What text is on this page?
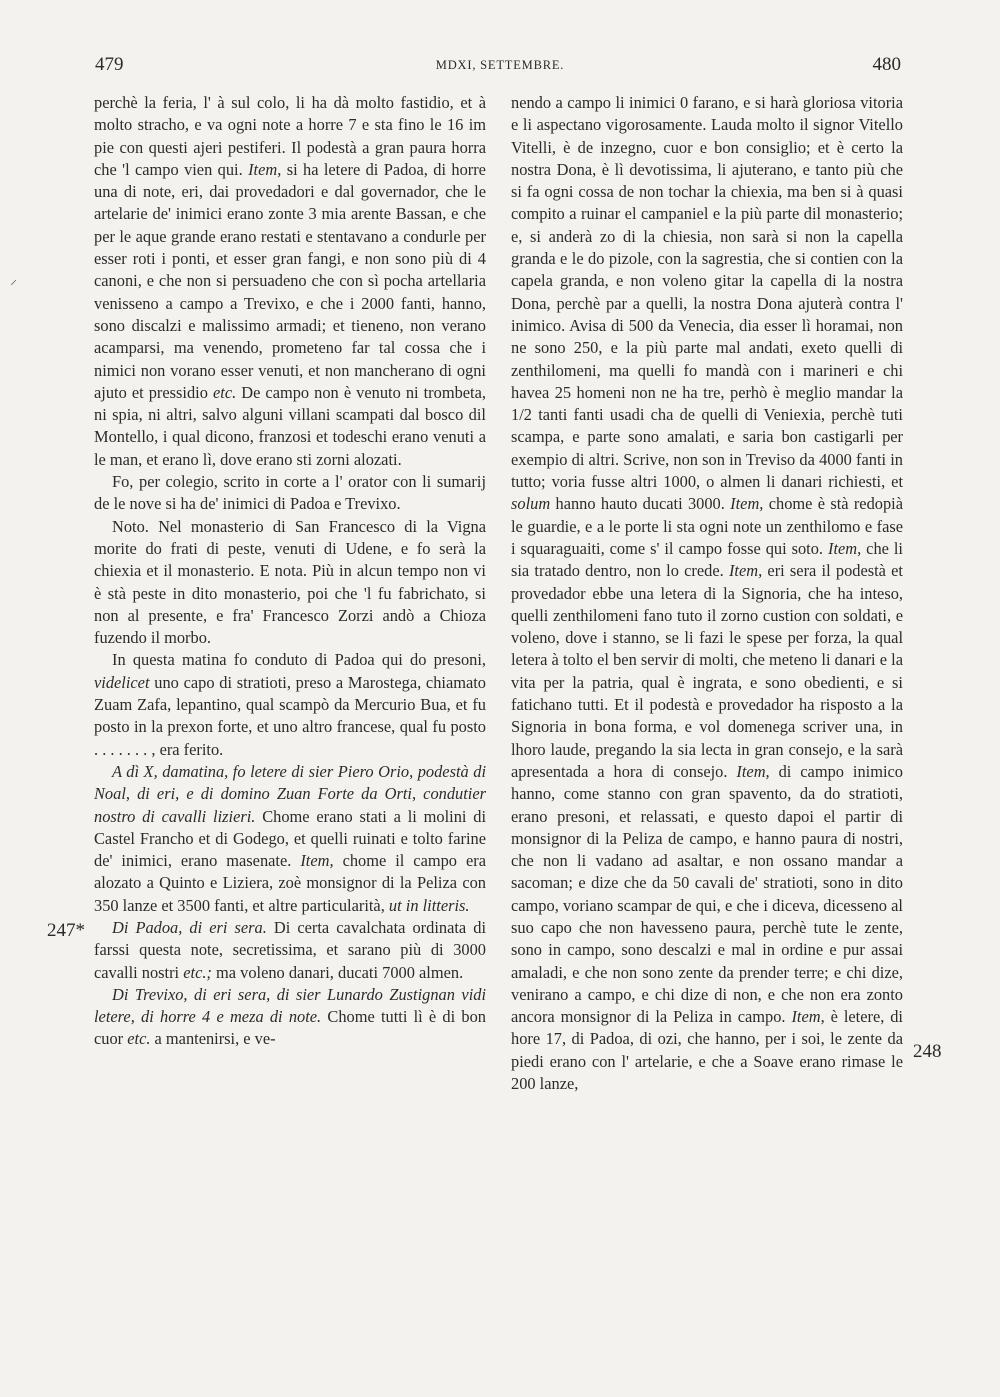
479	MDXI, SETTEMBRE.	480
⸝

perchè la feria, l' à sul colo, li ha dà molto fastidio, et à molto stracho, e va ogni note a horre 7 e sta fino le 16 im pie con questi ajeri pestiferi. Il podestà a gran paura horra che 'l campo vien qui. Item, si ha letere di Padoa, di horre una di note, eri, dai provedadori e dal governador, che le artelarie de' inimici erano zonte 3 mia arente Bassan, e che per le aque grande erano restati e stentavano a condurle per esser roti i ponti, et esser gran fangi, e non sono più di 4 canoni, e che non si persuadeno che con sì pocha artellaria venisseno a campo a Trevixo, e che i 2000 fanti, hanno, sono discalzi e malissimo armadi; et tieneno, non verano acamparsi, ma venendo, prometeno far tal cossa che i nimici non vorano esser venuti, et non mancherano di ogni ajuto et pressidio etc. De campo non è venuto ni trombeta, ni spia, ni altri, salvo alguni villani scampati dal bosco dil Montello, i qual dicono, franzosi et todeschi erano venuti a le man, et erano lì, dove erano sti zorni alozati.

Fo, per colegio, scrito in corte a l' orator con li sumarij de le nove si ha de' inimici di Padoa e Trevixo.

Noto. Nel monasterio di San Francesco di la Vigna morite do frati di peste, venuti di Udene, e fo serà la chiexia et il monasterio. E nota. Più in alcun tempo non vi è stà peste in dito monasterio, poi che 'l fu fabrichato, si non al presente, e fra' Francesco Zorzi andò a Chioza fuzendo il morbo.

In questa matina fo conduto di Padoa qui do presoni, videlicet uno capo di stratioti, preso a Marostega, chiamato Zuam Zafa, lepantino, qual scampò da Mercurio Bua, et fu posto in la prexon forte, et uno altro francese, qual fu posto . . . . . . . , era ferito.

A dì X, damatina, fo letere di sier Piero Orio, podestà di Noal, di eri, e di domino Zuan Forte da Orti, condutier nostro di cavalli lizieri. Chome erano stati a li molini di Castel Francho et di Godego, et quelli ruinati e tolto farine de' inimici, erano masenate. Item, chome il campo era alozato a Quinto e Liziera, zoè monsignor di la Peliza con 350 lanze et 3500 fanti, et altre particularità, ut in litteris.

Di Padoa, di eri sera. Di certa cavalchata ordinata di farssi questa note, secretissima, et sarano più di 3000 cavalli nostri etc.; ma voleno danari, ducati 7000 almen.

Di Trevixo, di eri sera, di sier Lunardo Zustignan vidi letere, di horre 4 e meza di note. Chome tutti lì è di bon cuor etc. a mantenirsi, e ve-

nendo a campo li inimici 0 farano, e si harà gloriosa vitoria e li aspectano vigorosamente. Lauda molto il signor Vitello Vitelli, è de inzegno, cuor e bon consiglio; et è certo la nostra Dona, è lì devotissima, li ajuterano, e tanto più che si fa ogni cossa de non tochar la chiexia, ma ben si à quasi compito a ruinar el campaniel e la più parte dil monasterio; e, si anderà zo di la chiesia, non sarà si non la capella granda e le do pizole, con la sagrestia, che si contien con la capela granda, e non voleno gitar la capella di la nostra Dona, perchè par a quelli, la nostra Dona ajuterà contra l' inimico. Avisa di 500 da Venecia, dia esser lì horamai, non ne sono 250, e la più parte mal andati, exeto quelli di zenthilomeni, ma quelli fo mandà con i marineri e chi havea 25 homeni non ne ha tre, perhò è meglio mandar la 1/2 tanti fanti usadi cha de quelli di Veniexia, perchè tuti scampa, e parte sono amalati, e saria bon castigarli per exempio di altri. Scrive, non son in Treviso da 4000 fanti in tutto; voria fusse altri 1000, o almen li danari richiesti, et solum hanno hauto ducati 3000. Item, chome è stà redopià le guardie, e a le porte li sta ogni note un zenthilomo e fase i squaraguaiti, come s' il campo fosse qui soto. Item, che li sia tratado dentro, non lo crede. Item, eri sera il podestà et provedador ebbe una letera di la Signoria, che ha inteso, quelli zenthilomeni fano tuto il zorno custion con soldati, e voleno, dove i stanno, se li fazi le spese per forza, la qual letera à tolto el ben servir di molti, che meteno li danari e la vita per la patria, qual è ingrata, e sono obedienti, e si fatichano tutti. Et il podestà e provedador ha risposto a la Signoria in bona forma, e vol domenega scriver una, in lhoro laude, pregando la sia lecta in gran consejo, e la sarà apresentada a hora di consejo. Item, di campo inimico hanno, come stanno con gran spavento, da do stratioti, erano presoni, et relassati, e questo dapoi el partir di monsignor di la Peliza de campo, e hanno paura di nostri, che non li vadano ad asaltar, e non ossano mandar a sacoman; e dize che da 50 cavali de' stratioti, sono in dito campo, voriano scampar de qui, e che i diceva, dicesseno al suo capo che non havesseno paura, perchè tute le zente, sono in campo, sono descalzi e mal in ordine e pur assai amaladi, e che non sono zente da prender terre; e chi dize, venirano a campo, e chi dize di non, e che non era zonto ancora monsignor di la Peliza in campo. Item, è letere, di hore 17, di Padoa, di ozi, che hanno, per i soi, le zente da piedi erano con l' artelarie, e che a Soave erano rimase le 200 lanze,

247*
248
